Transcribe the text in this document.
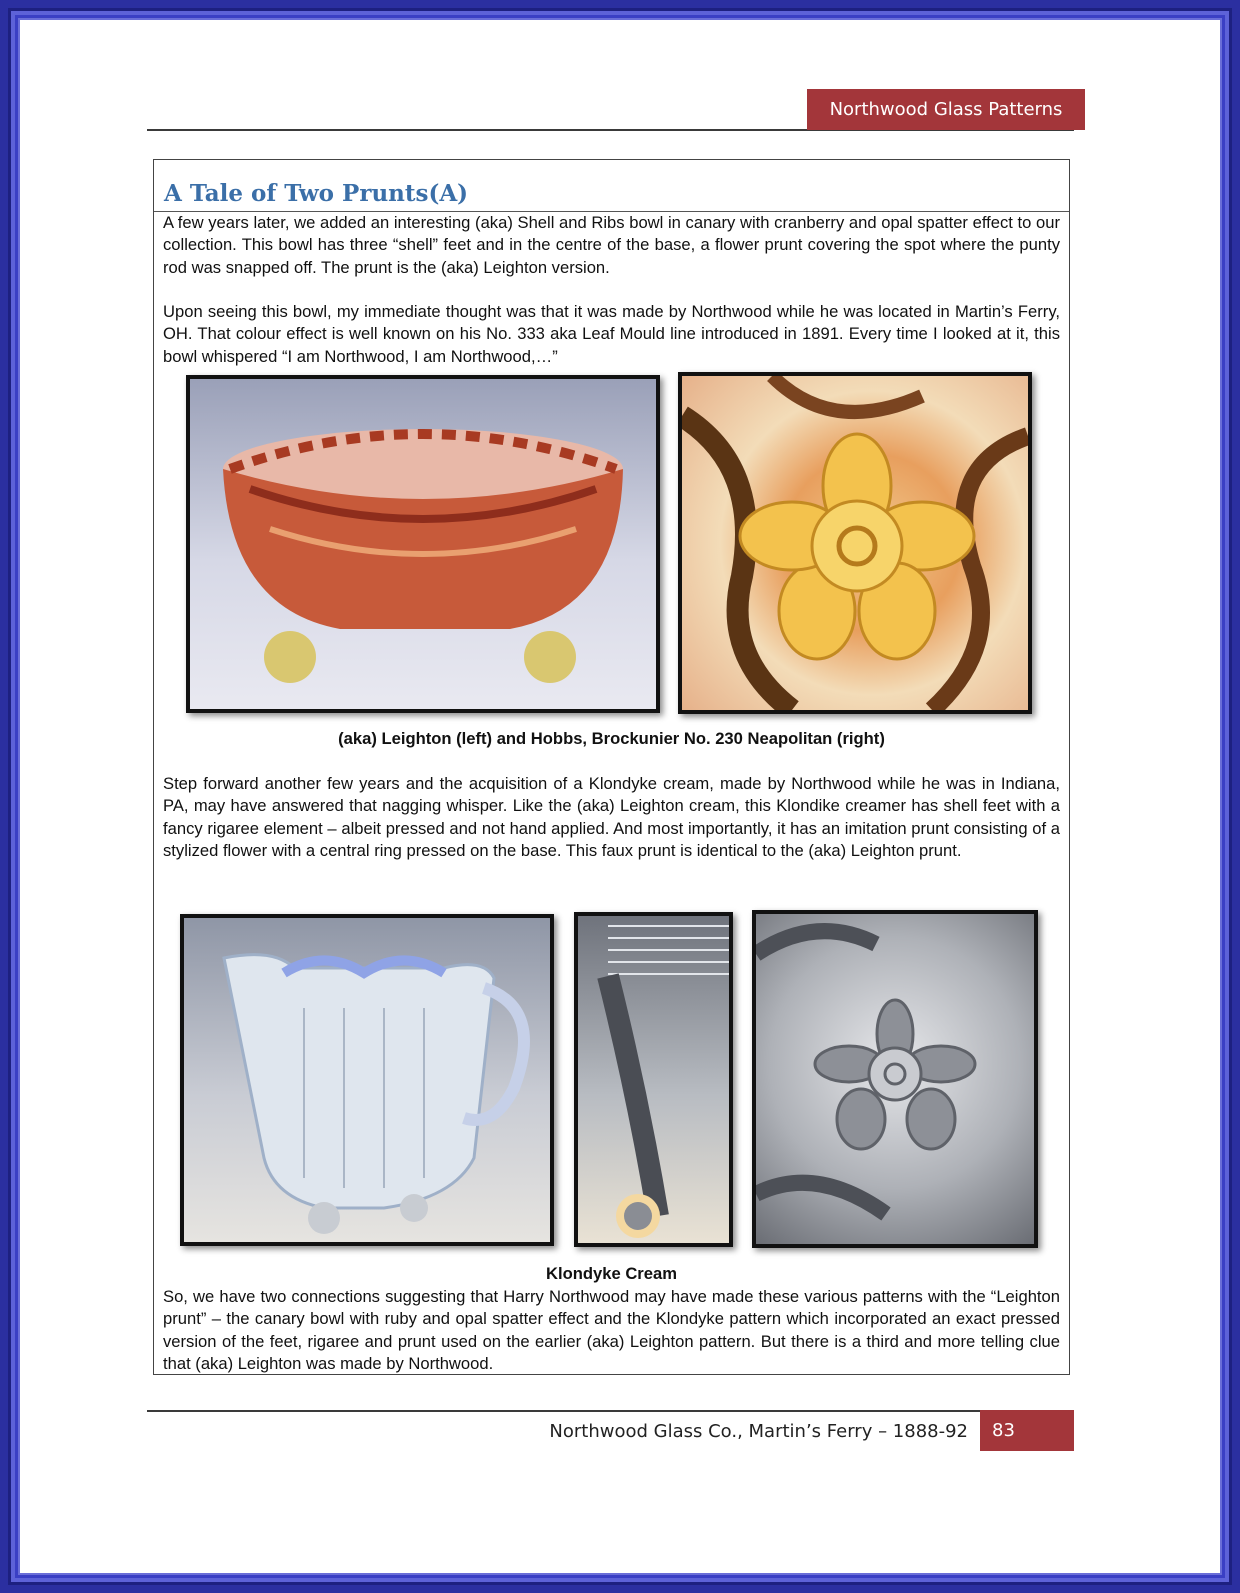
Northwood Glass Patterns
A Tale of Two Prunts(A)

A few years later, we added an interesting (aka) Shell and Ribs bowl in canary with cranberry and opal spatter effect to our collection. This bowl has three “shell” feet and in the centre of the base, a flower prunt covering the spot where the punty rod was snapped off. The prunt is the (aka) Leighton version.

Upon seeing this bowl, my immediate thought was that it was made by Northwood while he was located in Martin’s Ferry, OH. That colour effect is well known on his No. 333 aka Leaf Mould line introduced in 1891. Every time I looked at it, this bowl whispered “I am Northwood, I am Northwood,…”

(aka) Leighton (left) and Hobbs, Brockunier No. 230 Neapolitan (right)

Step forward another few years and the acquisition of a Klondyke cream, made by Northwood while he was in Indiana, PA, may have answered that nagging whisper. Like the (aka) Leighton cream, this Klondike creamer has shell feet with a fancy rigaree element – albeit pressed and not hand applied. And most importantly, it has an imitation prunt consisting of a stylized flower with a central ring pressed on the base. This faux prunt is identical to the (aka) Leighton prunt.

Klondyke Cream

So, we have two connections suggesting that Harry Northwood may have made these various patterns with the “Leighton prunt” – the canary bowl with ruby and opal spatter effect and the Klondyke pattern which incorporated an exact pressed version of the feet, rigaree and prunt used on the earlier (aka) Leighton pattern. But there is a third and more telling clue that (aka) Leighton was made by Northwood.

Northwood Glass Co., Martin’s Ferry – 1888-92	83
